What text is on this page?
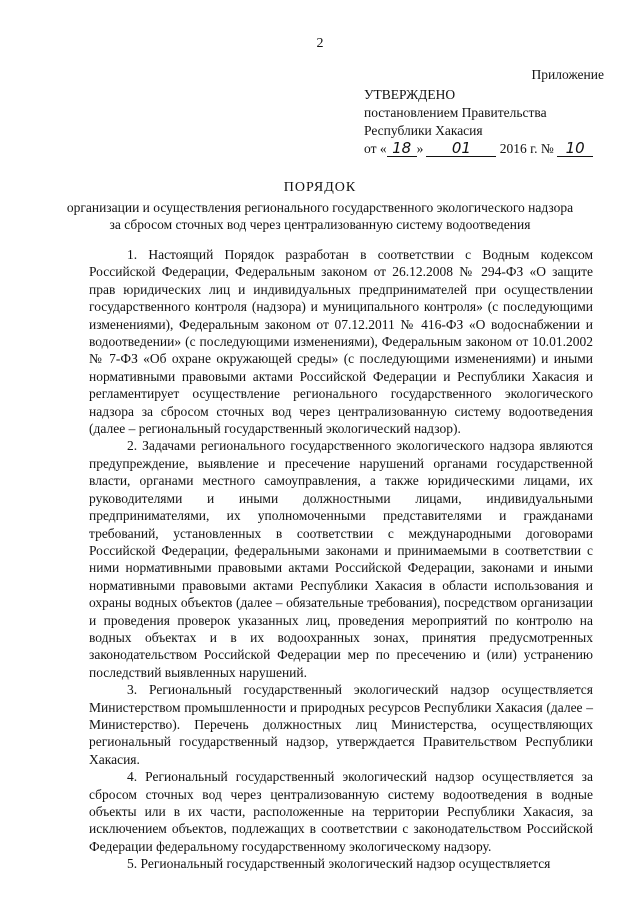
2
Приложение
УТВЕРЖДЕНО
постановлением Правительства
Республики Хакасия
от « 18 » 01 2016 г. № 10
ПОРЯДОК
организации и осуществления регионального государственного экологического надзора за сбросом сточных вод через централизованную систему водоотведения

1. Настоящий Порядок разработан в соответствии с Водным кодексом Российской Федерации, Федеральным законом от 26.12.2008 № 294-ФЗ «О защите прав юридических лиц и индивидуальных предпринимателей при осуществлении государственного контроля (надзора) и муниципального контроля» (с последующими изменениями), Федеральным законом от 07.12.2011 № 416-ФЗ «О водоснабжении и водоотведении» (с последующими изменениями), Федеральным законом от 10.01.2002 № 7-ФЗ «Об охране окружающей среды» (с последующими изменениями) и иными нормативными правовыми актами Российской Федерации и Республики Хакасия и регламентирует осуществление регионального государственного экологического надзора за сбросом сточных вод через централизованную систему водоотведения (далее – региональный государственный экологический надзор).

2. Задачами регионального государственного экологического надзора являются предупреждение, выявление и пресечение нарушений органами государственной власти, органами местного самоуправления, а также юридическими лицами, их руководителями и иными должностными лицами, индивидуальными предпринимателями, их уполномоченными представителями и гражданами требований, установленных в соответствии с международными договорами Российской Федерации, федеральными законами и принимаемыми в соответствии с ними нормативными правовыми актами Российской Федерации, законами и иными нормативными правовыми актами Республики Хакасия в области использования и охраны водных объектов (далее – обязательные требования), посредством организации и проведения проверок указанных лиц, проведения мероприятий по контролю на водных объектах и в их водоохранных зонах, принятия предусмотренных законодательством Российской Федерации мер по пресечению и (или) устранению последствий выявленных нарушений.

3. Региональный государственный экологический надзор осуществляется Министерством промышленности и природных ресурсов Республики Хакасия (далее – Министерство). Перечень должностных лиц Министерства, осуществляющих региональный государственный надзор, утверждается Правительством Республики Хакасия.

4. Региональный государственный экологический надзор осуществляется за сбросом сточных вод через централизованную систему водоотведения в водные объекты или в их части, расположенные на территории Республики Хакасия, за исключением объектов, подлежащих в соответствии с законодательством Российской Федерации федеральному государственному экологическому надзору.

5. Региональный государственный экологический надзор осуществляется
